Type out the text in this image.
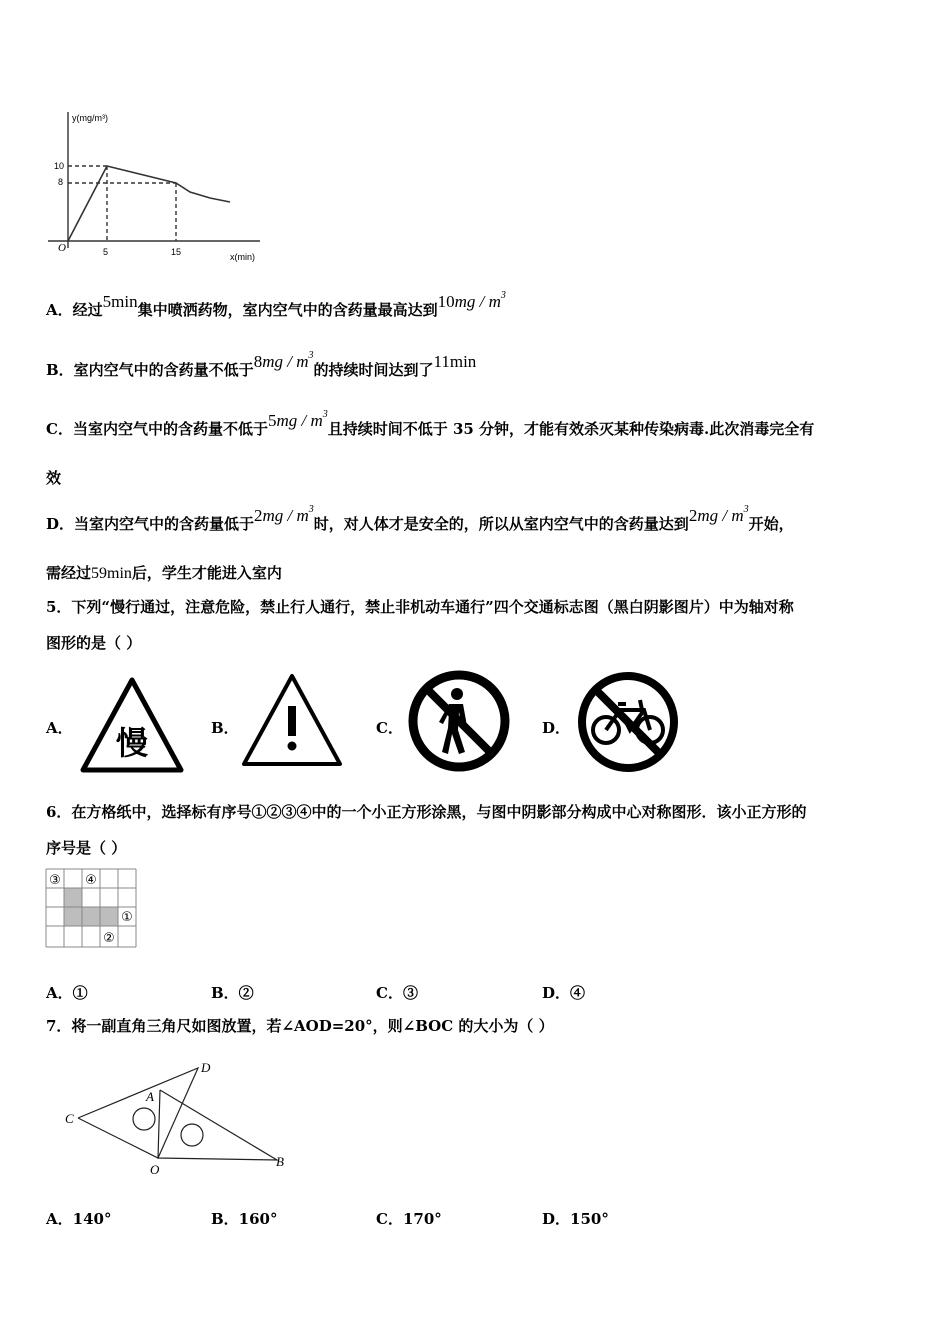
y(mg/m³)
10
8
O	5	15	x(min)
A．经过5min集中喷洒药物，室内空气中的含药量最高达到$10mg / m^3$
B．室内空气中的含药量不低于$8mg / m^3$的持续时间达到了11min
C．当室内空气中的含药量不低于$5mg / m^3$且持续时间不低于 35 分钟，才能有效杀灭某种传染病毒.此次消毒完全有
效
D．当室内空气中的含药量低于$2mg / m^3$时，对人体才是安全的，所以从室内空气中的含药量达到$2mg / m^3$开始，
需经过59min后，学生才能进入室内
5．下列“慢行通过，注意危险，禁止行人通行，禁止非机动车通行”四个交通标志图（黑白阴影图片）中为轴对称
图形的是（ ）
A． 慢	B．	C．	D．
6．在方格纸中，选择标有序号①②③④中的一个小正方形涂黑，与图中阴影部分构成中心对称图形．该小正方形的
序号是（ ）
③ ④
①
②
A．①	B．②	C．③	D．④
7．将一副直角三角尺如图放置，若∠AOD=20°，则∠BOC 的大小为（ ）
C
A
D
O
B
A．140°	B．160°	C．170°	D．150°
